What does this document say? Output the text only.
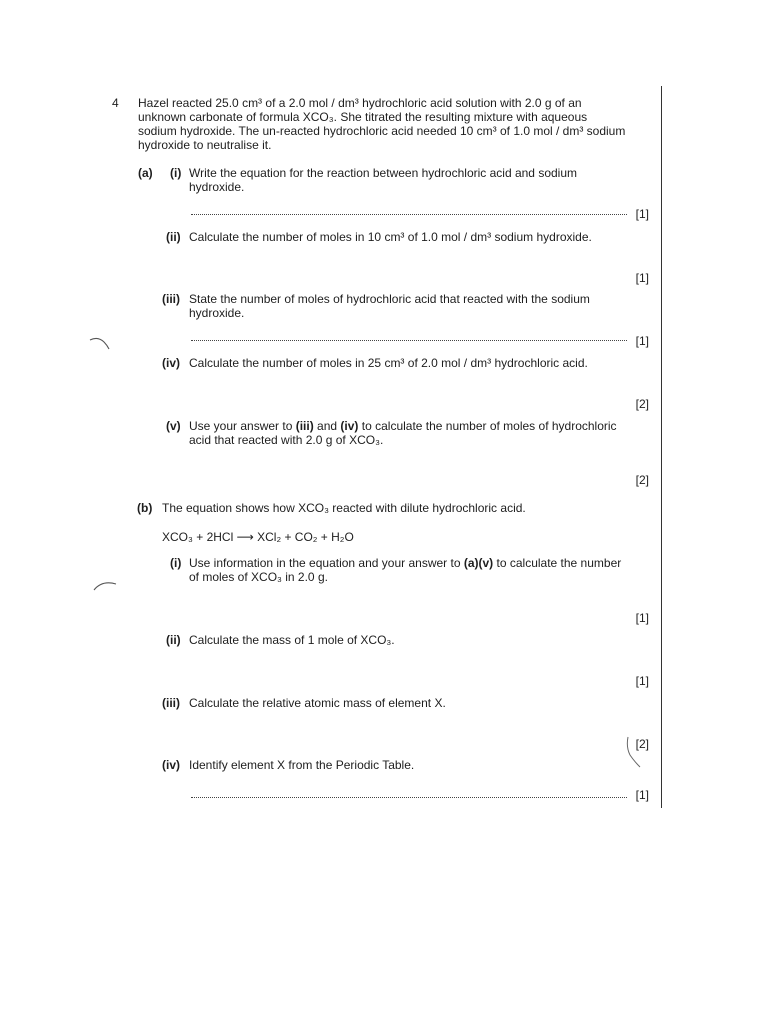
4 Hazel reacted 25.0 cm³ of a 2.0 mol / dm³ hydrochloric acid solution with 2.0 g of an
unknown carbonate of formula XCO₃. She titrated the resulting mixture with aqueous
sodium hydroxide. The un-reacted hydrochloric acid needed 10 cm³ of 1.0 mol / dm³ sodium
hydroxide to neutralise it.
(a) (i) Write the equation for the reaction between hydrochloric acid and sodium
hydroxide.
[1]
(ii) Calculate the number of moles in 10 cm³ of 1.0 mol / dm³ sodium hydroxide.
[1]
(iii) State the number of moles of hydrochloric acid that reacted with the sodium
hydroxide.
[1]
(iv) Calculate the number of moles in 25 cm³ of 2.0 mol / dm³ hydrochloric acid.
[2]
(v) Use your answer to (iii) and (iv) to calculate the number of moles of hydrochloric
acid that reacted with 2.0 g of XCO₃.
[2]
(b) The equation shows how XCO₃ reacted with dilute hydrochloric acid.
XCO₃ + 2HCl ⟶ XCl₂ + CO₂ + H₂O
(i) Use information in the equation and your answer to (a)(v) to calculate the number
of moles of XCO₃ in 2.0 g.
[1]
(ii) Calculate the mass of 1 mole of XCO₃.
[1]
(iii) Calculate the relative atomic mass of element X.
[2]
(iv) Identify element X from the Periodic Table.
[1]
